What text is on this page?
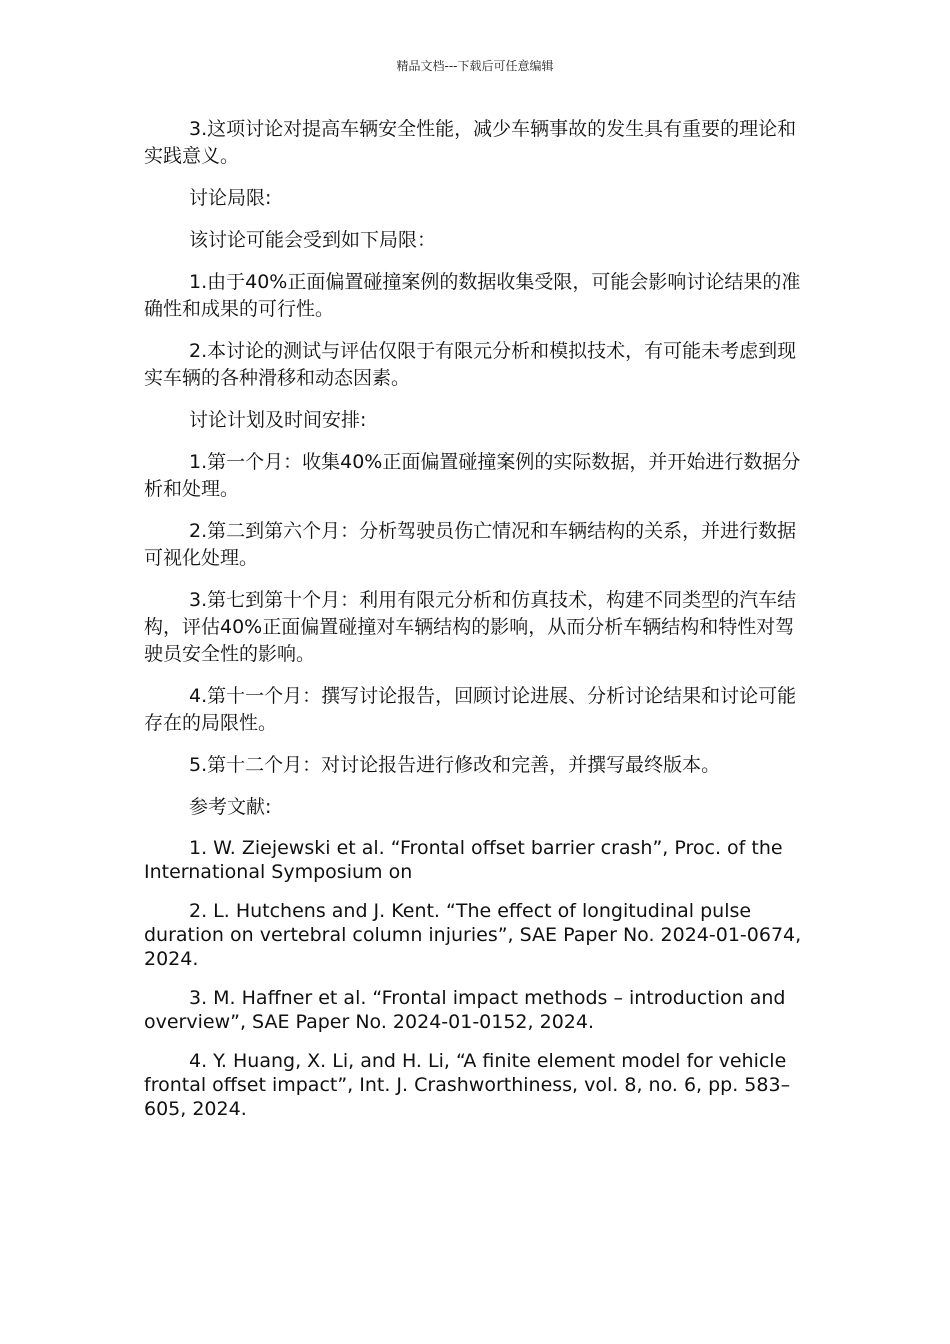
精品文档---下载后可任意编辑

3.这项讨论对提高车辆安全性能，减少车辆事故的发生具有重要的理论和实践意义。

讨论局限:

该讨论可能会受到如下局限：

1.由于40%正面偏置碰撞案例的数据收集受限，可能会影响讨论结果的准确性和成果的可行性。

2.本讨论的测试与评估仅限于有限元分析和模拟技术，有可能未考虑到现实车辆的各种滑移和动态因素。

讨论计划及时间安排:

1.第一个月：收集40%正面偏置碰撞案例的实际数据，并开始进行数据分析和处理。

2.第二到第六个月：分析驾驶员伤亡情况和车辆结构的关系，并进行数据可视化处理。

3.第七到第十个月：利用有限元分析和仿真技术，构建不同类型的汽车结构，评估40%正面偏置碰撞对车辆结构的影响，从而分析车辆结构和特性对驾驶员安全性的影响。

4.第十一个月：撰写讨论报告，回顾讨论进展、分析讨论结果和讨论可能存在的局限性。

5.第十二个月：对讨论报告进行修改和完善，并撰写最终版本。

参考文献:

1. W. Ziejewski et al. “Frontal offset barrier crash”, Proc. of the International Symposium on

2. L. Hutchens and J. Kent. “The effect of longitudinal pulse duration on vertebral column injuries”, SAE Paper No. 2024-01-0674, 2024.

3. M. Haffner et al. “Frontal impact methods – introduction and overview”, SAE Paper No. 2024-01-0152, 2024.

4. Y. Huang, X. Li, and H. Li, “A finite element model for vehicle frontal offset impact”, Int. J. Crashworthiness, vol. 8, no. 6, pp. 583–605, 2024.
